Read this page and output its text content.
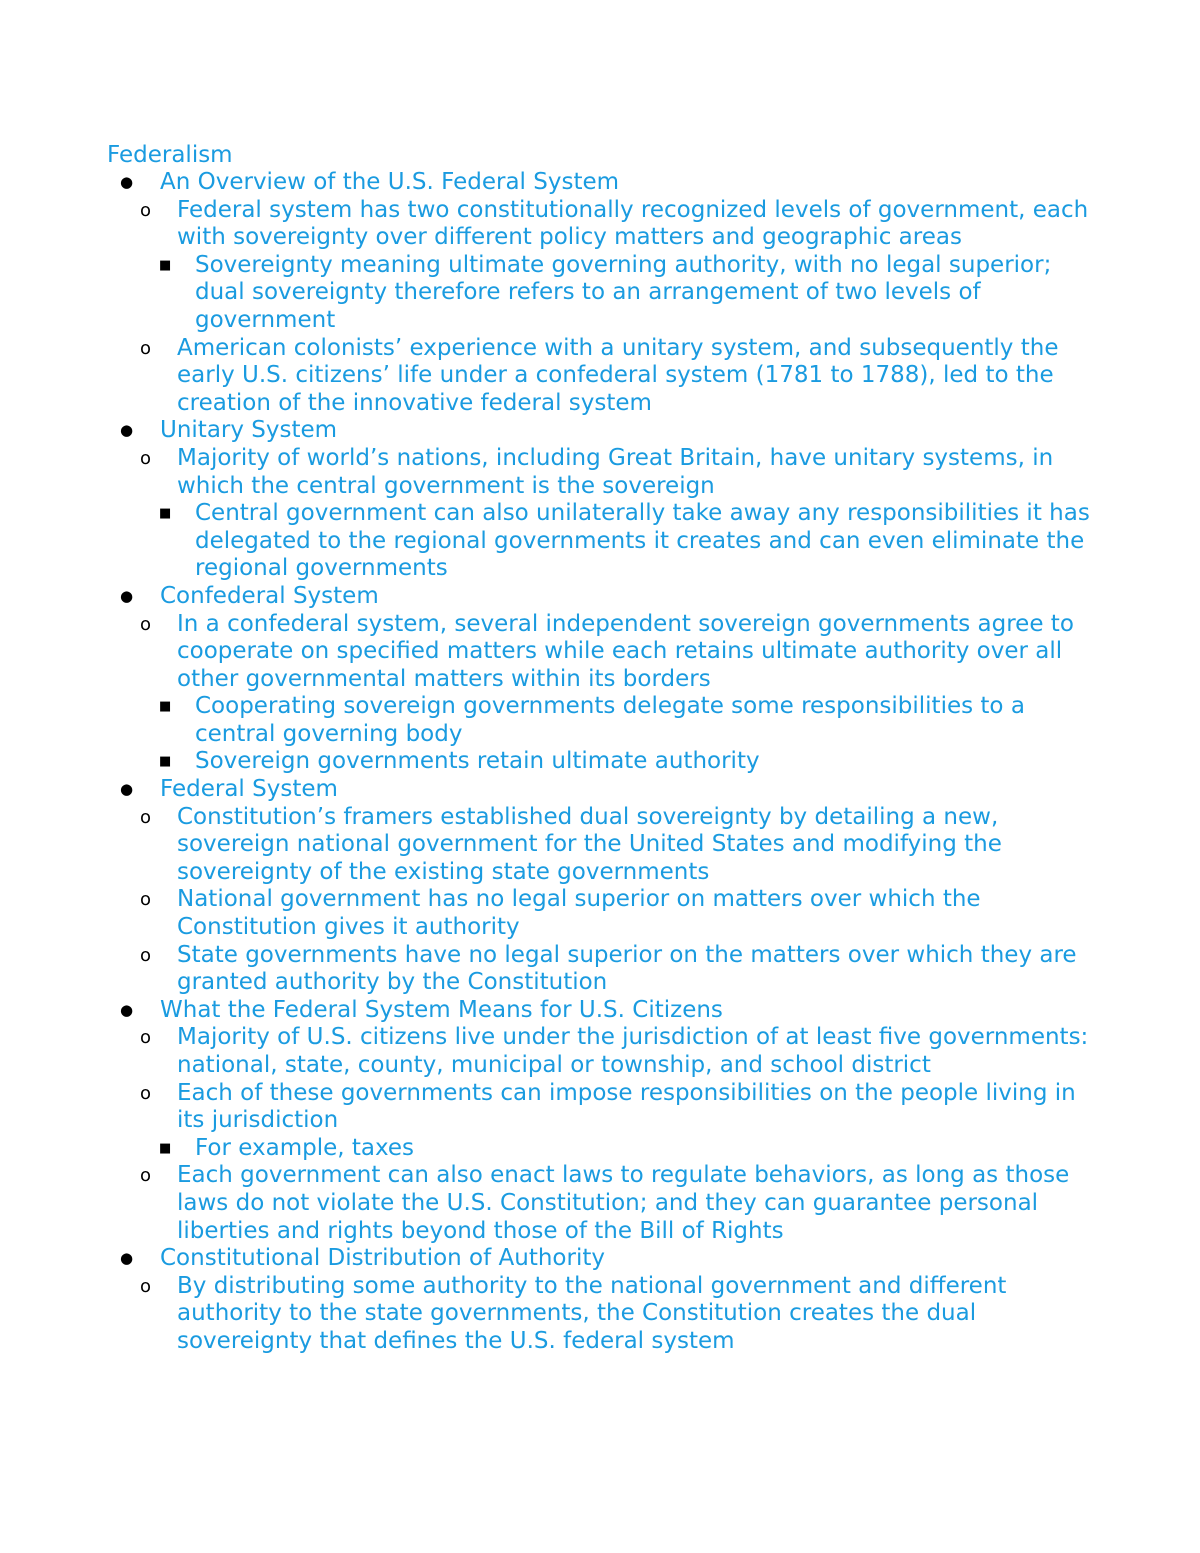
Federalism
● An Overview of the U.S. Federal System
o Federal system has two constitutionally recognized levels of government, each with sovereignty over different policy matters and geographic areas
■ Sovereignty meaning ultimate governing authority, with no legal superior; dual sovereignty therefore refers to an arrangement of two levels of government
o American colonists’ experience with a unitary system, and subsequently the early U.S. citizens’ life under a confederal system (1781 to 1788), led to the creation of the innovative federal system
● Unitary System
o Majority of world’s nations, including Great Britain, have unitary systems, in which the central government is the sovereign
■ Central government can also unilaterally take away any responsibilities it has delegated to the regional governments it creates and can even eliminate the regional governments
● Confederal System
o In a confederal system, several independent sovereign governments agree to cooperate on specified matters while each retains ultimate authority over all other governmental matters within its borders
■ Cooperating sovereign governments delegate some responsibilities to a central governing body
■ Sovereign governments retain ultimate authority
● Federal System
o Constitution’s framers established dual sovereignty by detailing a new, sovereign national government for the United States and modifying the sovereignty of the existing state governments
o National government has no legal superior on matters over which the Constitution gives it authority
o State governments have no legal superior on the matters over which they are granted authority by the Constitution
● What the Federal System Means for U.S. Citizens
o Majority of U.S. citizens live under the jurisdiction of at least five governments: national, state, county, municipal or township, and school district
o Each of these governments can impose responsibilities on the people living in its jurisdiction
■ For example, taxes
o Each government can also enact laws to regulate behaviors, as long as those laws do not violate the U.S. Constitution; and they can guarantee personal liberties and rights beyond those of the Bill of Rights
● Constitutional Distribution of Authority
o By distributing some authority to the national government and different authority to the state governments, the Constitution creates the dual sovereignty that defines the U.S. federal system
